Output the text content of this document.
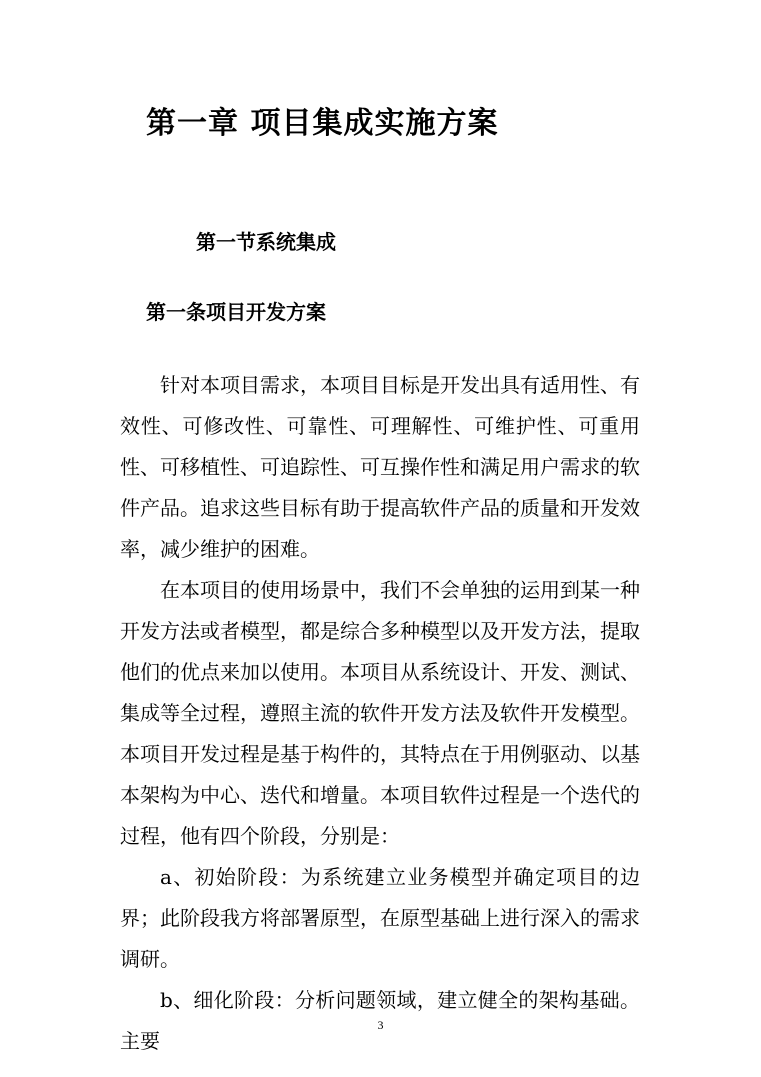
第一章 项目集成实施方案
第一节系统集成
第一条项目开发方案

针对本项目需求，本项目目标是开发出具有适用性、有效性、可修改性、可靠性、可理解性、可维护性、可重用性、可移植性、可追踪性、可互操作性和满足用户需求的软件产品。追求这些目标有助于提高软件产品的质量和开发效率，减少维护的困难。

在本项目的使用场景中，我们不会单独的运用到某一种开发方法或者模型，都是综合多种模型以及开发方法，提取他们的优点来加以使用。本项目从系统设计、开发、测试、集成等全过程，遵照主流的软件开发方法及软件开发模型。本项目开发过程是基于构件的，其特点在于用例驱动、以基本架构为中心、迭代和增量。本项目软件过程是一个迭代的过程，他有四个阶段，分别是：

a、初始阶段：为系统建立业务模型并确定项目的边界；此阶段我方将部署原型，在原型基础上进行深入的需求调研。

b、细化阶段：分析问题领域，建立健全的架构基础。主要

3
